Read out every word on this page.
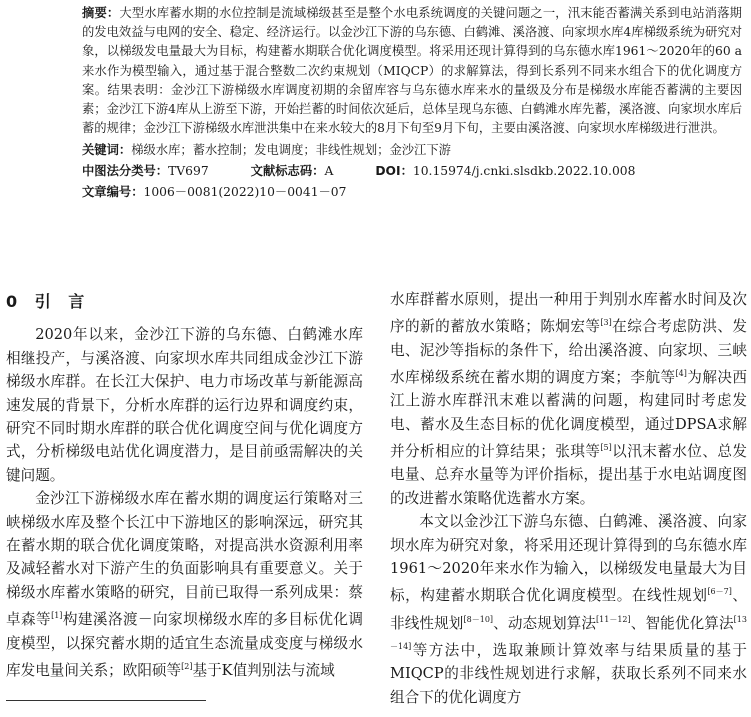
摘要：大型水库蓄水期的水位控制是流域梯级甚至是整个水电系统调度的关键问题之一，汛末能否蓄满关系到电站消落期的发电效益与电网的安全、稳定、经济运行。以金沙江下游的乌东德、白鹤滩、溪洛渡、向家坝水库4库梯级系统为研究对象，以梯级发电量最大为目标，构建蓄水期联合优化调度模型。将采用还现计算得到的乌东德水库1961～2020年的60 a来水作为模型输入，通过基于混合整数二次约束规划（MIQCP）的求解算法，得到长系列不同来水组合下的优化调度方案。结果表明：金沙江下游梯级水库调度初期的余留库容与乌东德水库来水的量级及分布是梯级水库能否蓄满的主要因素；金沙江下游4库从上游至下游，开始拦蓄的时间依次延后，总体呈现乌东德、白鹤滩水库先蓄，溪洛渡、向家坝水库后蓄的规律；金沙江下游梯级水库泄洪集中在来水较大的8月下旬至9月下旬，主要由溪洛渡、向家坝水库梯级进行泄洪。
关键词：梯级水库；蓄水控制；发电调度；非线性规划；金沙江下游
中图法分类号：TV697	文献标志码：A	DOI：10.15974/j.cnki.slsdkb.2022.10.008
文章编号：1006－0081(2022)10－0041－07
0 引 言

2020年以来，金沙江下游的乌东德、白鹤滩水库相继投产，与溪洛渡、向家坝水库共同组成金沙江下游梯级水库群。在长江大保护、电力市场改革与新能源高速发展的背景下，分析水库群的运行边界和调度约束，研究不同时期水库群的联合优化调度空间与优化调度方式，分析梯级电站优化调度潜力，是目前亟需解决的关键问题。

金沙江下游梯级水库在蓄水期的调度运行策略对三峡梯级水库及整个长江中下游地区的影响深远，研究其在蓄水期的联合优化调度策略，对提高洪水资源利用率及减轻蓄水对下游产生的负面影响具有重要意义。关于梯级水库蓄水策略的研究，目前已取得一系列成果：蔡卓森等[1]构建溪洛渡－向家坝梯级水库的多目标优化调度模型，以探究蓄水期的适宜生态流量成变度与梯级水库发电量间关系；欧阳硕等[2]基于K值判别法与流域

水库群蓄水原则，提出一种用于判别水库蓄水时间及次序的新的蓄放水策略；陈炯宏等[3]在综合考虑防洪、发电、泥沙等指标的条件下，给出溪洛渡、向家坝、三峡水库梯级系统在蓄水期的调度方案；李航等[4]为解决西江上游水库群汛末难以蓄满的问题，构建同时考虑发电、蓄水及生态目标的优化调度模型，通过DPSA求解并分析相应的计算结果；张琪等[5]以汛末蓄水位、总发电量、总弃水量等为评价指标，提出基于水电站调度图的改进蓄水策略优选蓄水方案。

本文以金沙江下游乌东德、白鹤滩、溪洛渡、向家坝水库为研究对象，将采用还现计算得到的乌东德水库1961～2020年来水作为输入，以梯级发电量最大为目标，构建蓄水期联合优化调度模型。在线性规划[6－7]、非线性规划[8－10]、动态规划算法[11－12]、智能优化算法[13－14]等方法中，选取兼顾计算效率与结果质量的基于MIQCP的非线性规划进行求解，获取长系列不同来水组合下的优化调度方
